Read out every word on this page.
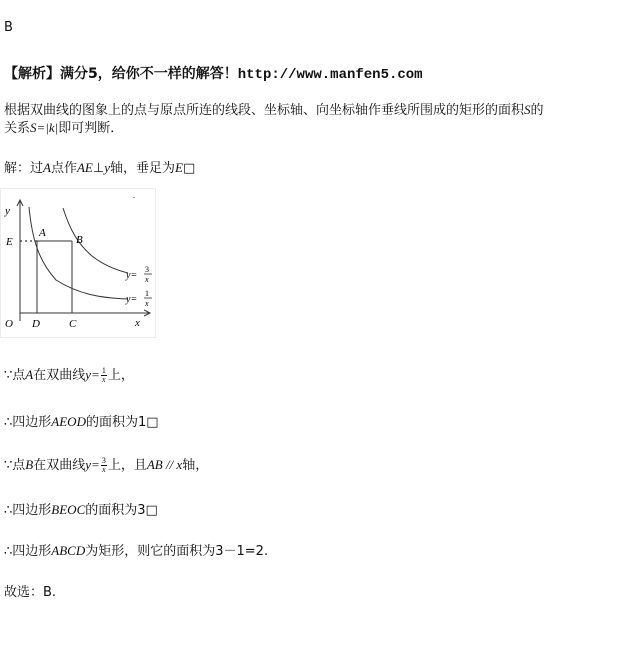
B
【解析】满分5，给你不一样的解答！http://www.manfen5.com
根据双曲线的图象上的点与原点所连的线段、坐标轴、向坐标轴作垂线所围成的矩形的面积S的
关系S=|k|即可判断．
解：过A点作AE⊥y轴，垂足为E□
y
x
O
E
A
B
D	C
y=
3
x
y=
1
x
.
∵点A在双曲线$y= \frac{1}{x}$ 上，
∴四边形AEOD的面积为1□
∵点B在双曲线$y= \frac{3}{x}$ 上，且AB // x轴，
∴四边形BEOC的面积为3□
∴四边形ABCD为矩形，则它的面积为3－1=2.
故选：B.
